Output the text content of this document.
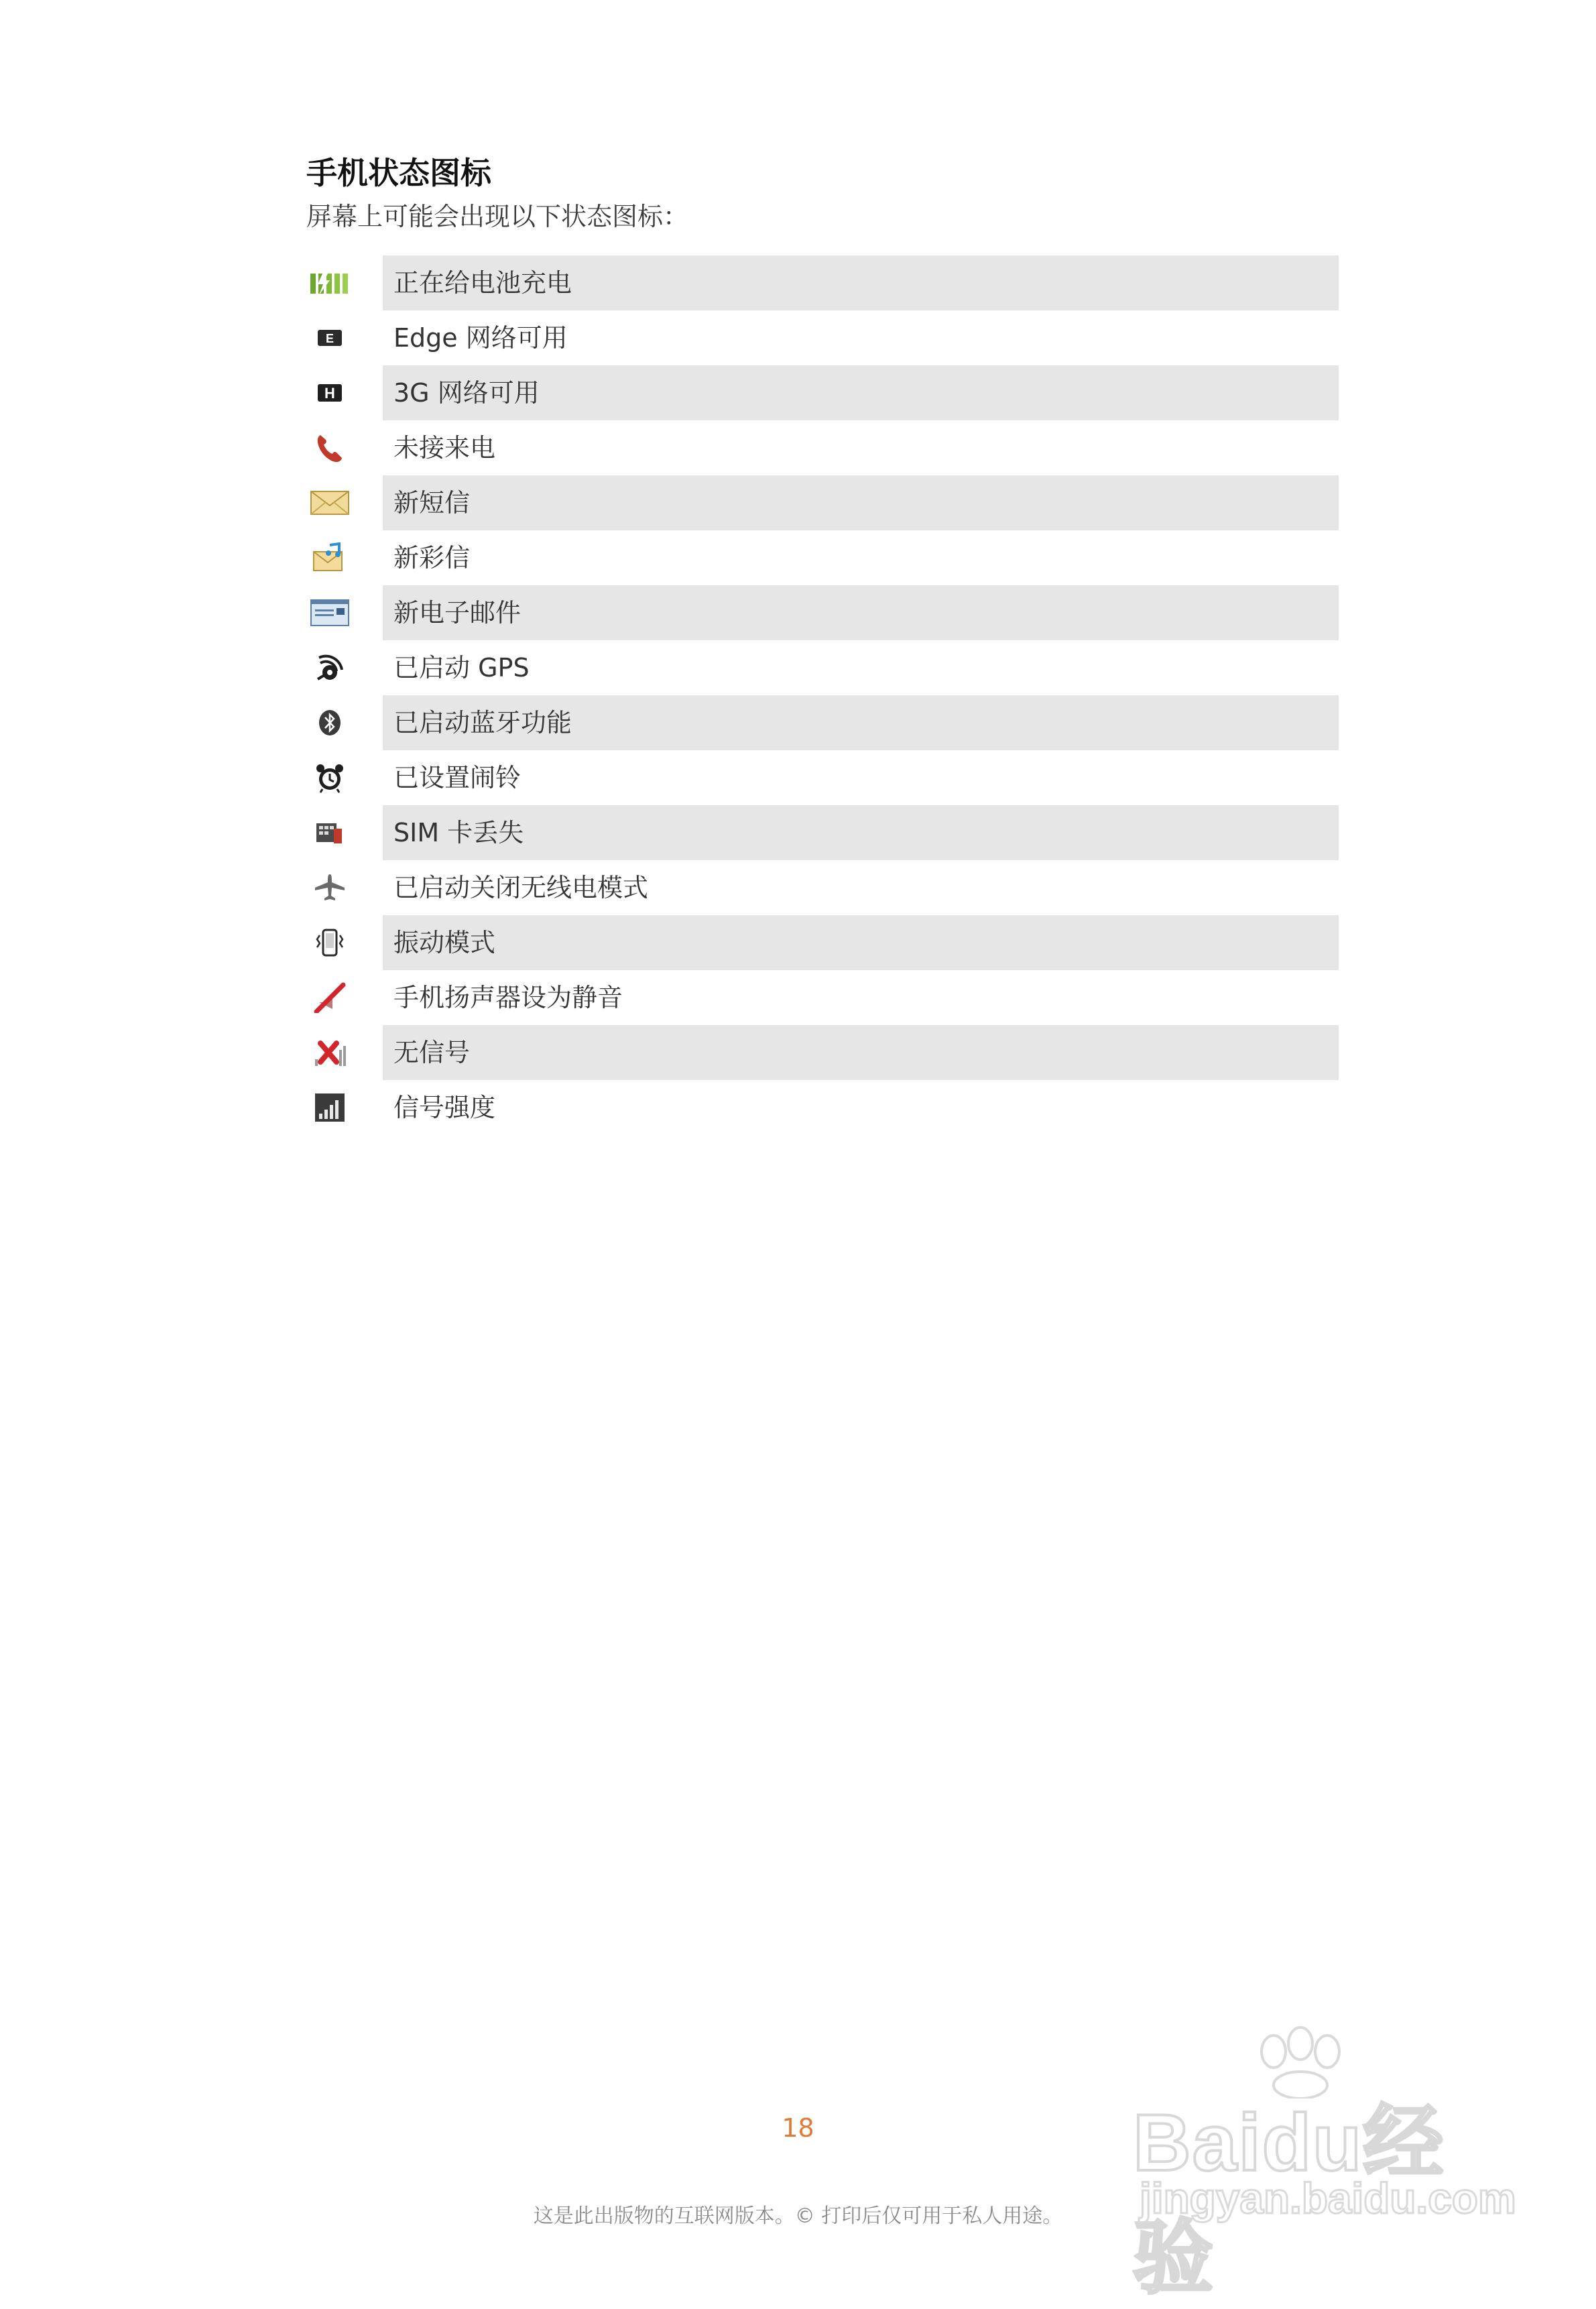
手机状态图标
屏幕上可能会出现以下状态图标：
正在给电池充电
E	Edge 网络可用
H	3G 网络可用
未接来电
新短信
新彩信
新电子邮件
已启动 GPS
已启动蓝牙功能
已设置闹铃
SIM 卡丢失
已启动关闭无线电模式
振动模式
手机扬声器设为静音
无信号
信号强度
18
这是此出版物的互联网版本。© 打印后仅可用于私人用途。
Baidu经验
jingyan.baidu.com
